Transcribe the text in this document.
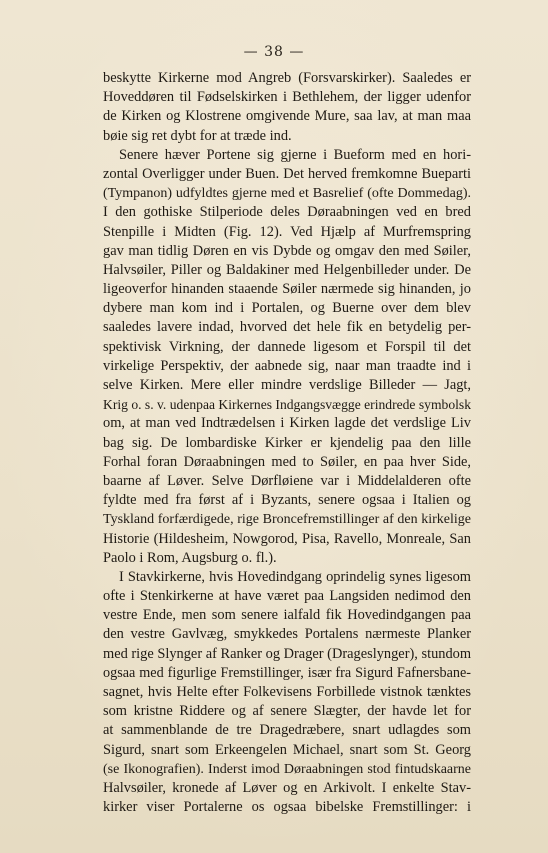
— 38 —
beskytte Kirkerne mod Angreb (Forsvarskirker). Saaledes er
Hoveddøren til Fødselskirken i Bethlehem, der ligger udenfor
de Kirken og Klostrene omgivende Mure, saa lav, at man maa
bøie sig ret dybt for at træde ind.
Senere hæver Portene sig gjerne i Bueform med en hori-
zontal Overligger under Buen. Det herved fremkomne Bueparti
(Tympanon) udfyldtes gjerne med et Basrelief (ofte Dommedag).
I den gothiske Stilperiode deles Døraabningen ved en bred
Stenpille i Midten (Fig. 12). Ved Hjælp af Murfremspring
gav man tidlig Døren en vis Dybde og omgav den med Søiler,
Halvsøiler, Piller og Baldakiner med Helgenbilleder under. De
ligeoverfor hinanden staaende Søiler nærmede sig hinanden, jo
dybere man kom ind i Portalen, og Buerne over dem blev
saaledes lavere indad, hvorved det hele fik en betydelig per-
spektivisk Virkning, der dannede ligesom et Forspil til det
virkelige Perspektiv, der aabnede sig, naar man traadte ind i
selve Kirken. Mere eller mindre verdslige Billeder — Jagt,
Krig o. s. v. udenpaa Kirkernes Indgangsvægge erindrede symbolsk
om, at man ved Indtrædelsen i Kirken lagde det verdslige Liv
bag sig. De lombardiske Kirker er kjendelig paa den lille
Forhal foran Døraabningen med to Søiler, en paa hver Side,
baarne af Løver. Selve Dørfløiene var i Middelalderen ofte
fyldte med fra først af i Byzants, senere ogsaa i Italien og
Tyskland forfærdigede, rige Broncefremstillinger af den kirkelige
Historie (Hildesheim, Nowgorod, Pisa, Ravello, Monreale, San
Paolo i Rom, Augsburg o. fl.).
I Stavkirkerne, hvis Hovedindgang oprindelig synes ligesom
ofte i Stenkirkerne at have været paa Langsiden nedimod den
vestre Ende, men som senere ialfald fik Hovedindgangen paa
den vestre Gavlvæg, smykkedes Portalens nærmeste Planker
med rige Slynger af Ranker og Drager (Drageslynger), stundom
ogsaa med figurlige Fremstillinger, især fra Sigurd Fafnersbane-
sagnet, hvis Helte efter Folkevisens Forbillede vistnok tænktes
som kristne Riddere og af senere Slægter, der havde let for
at sammenblande de tre Dragedræbere, snart udlagdes som
Sigurd, snart som Erkeengelen Michael, snart som St. Georg
(se Ikonografien). Inderst imod Døraabningen stod fintudskaarne
Halvsøiler, kronede af Løver og en Arkivolt. I enkelte Stav-
kirker viser Portalerne os ogsaa bibelske Fremstillinger: i
